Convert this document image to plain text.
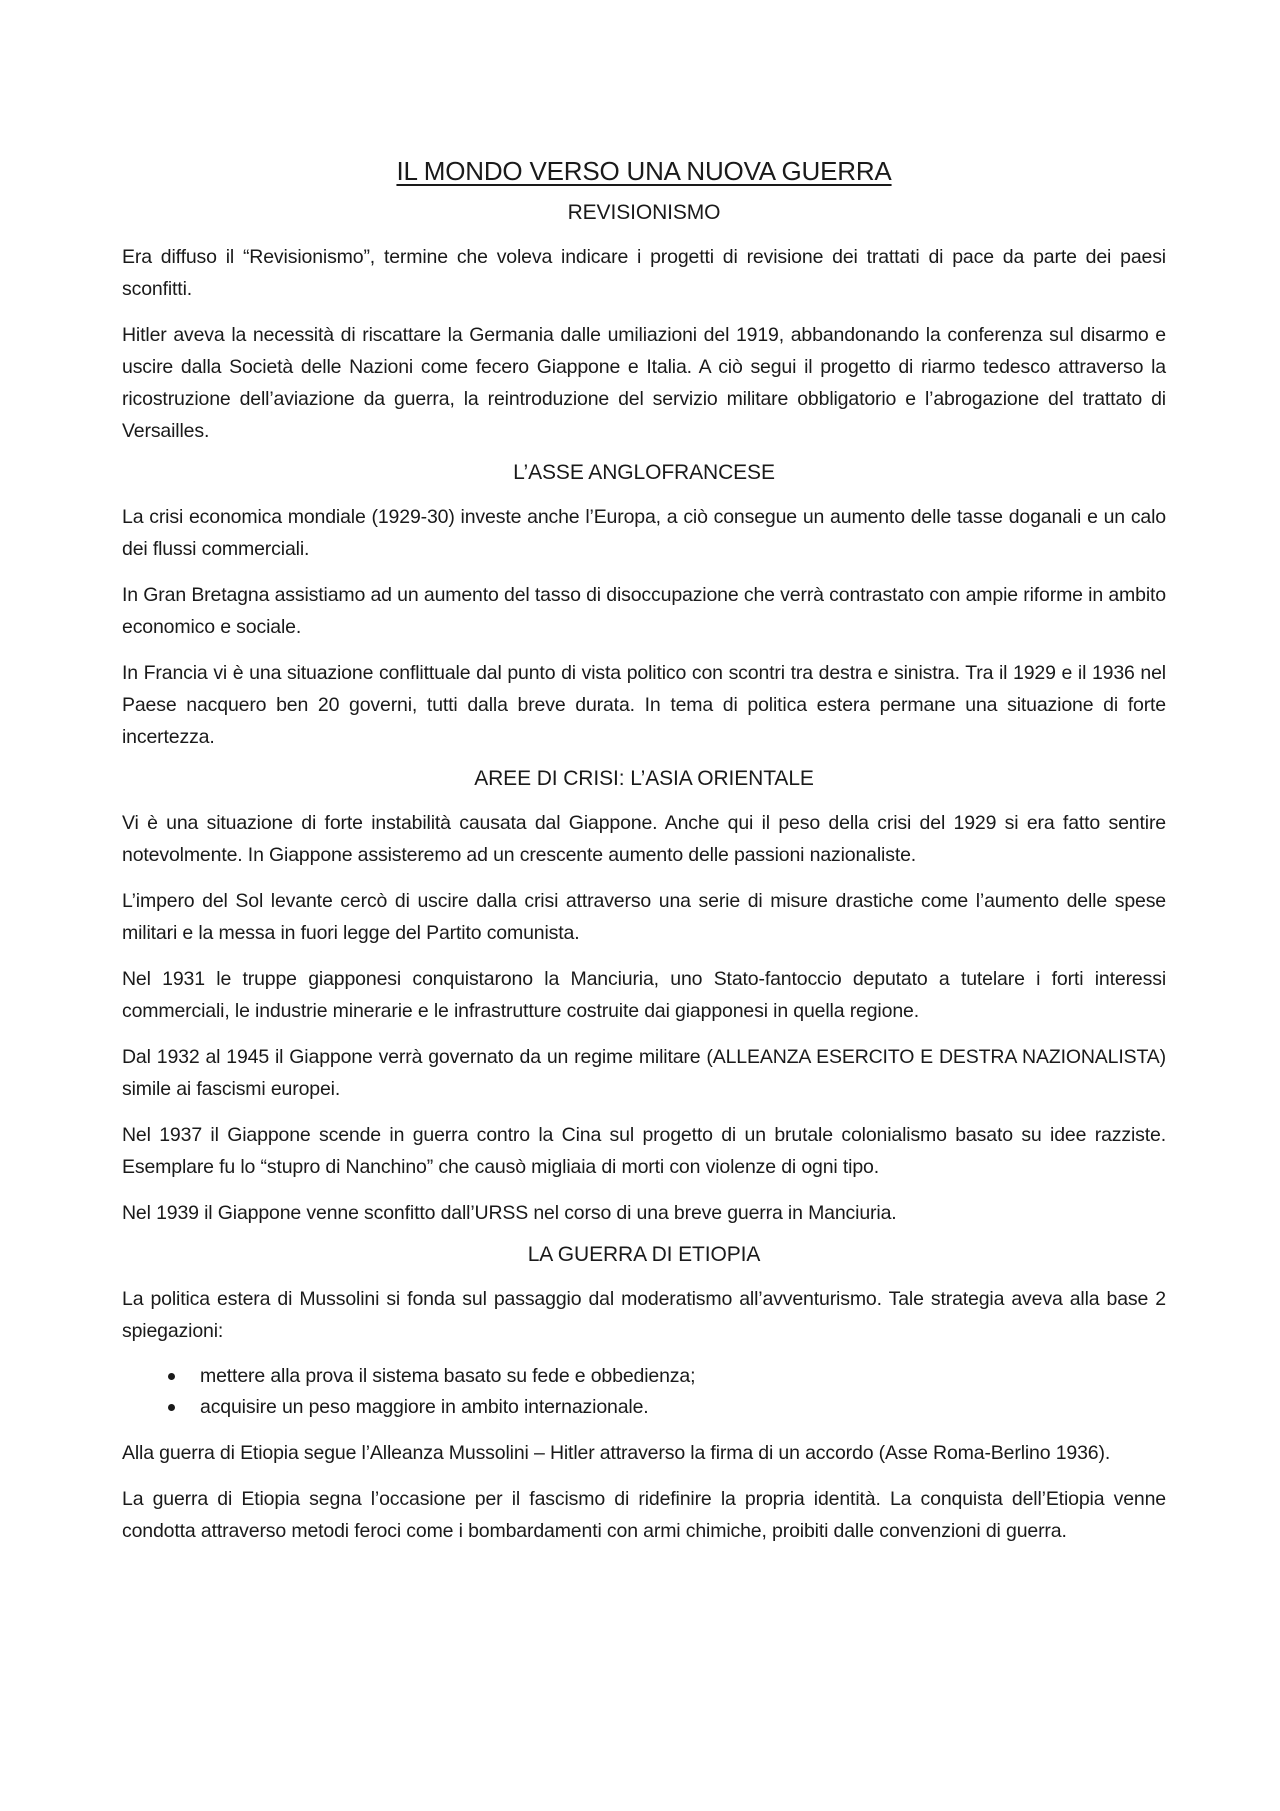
IL MONDO VERSO UNA NUOVA GUERRA
REVISIONISMO

Era diffuso il “Revisionismo”, termine che voleva indicare i progetti di revisione dei trattati di pace da parte dei paesi sconfitti.

Hitler aveva la necessità di riscattare la Germania dalle umiliazioni del 1919, abbandonando la conferenza sul disarmo e uscire dalla Società delle Nazioni come fecero Giappone e Italia. A ciò segui il progetto di riarmo tedesco attraverso la ricostruzione dell’aviazione da guerra, la reintroduzione del servizio militare obbligatorio e l’abrogazione del trattato di Versailles.

L’ASSE ANGLOFRANCESE

La crisi economica mondiale (1929-30) investe anche l’Europa, a ciò consegue un aumento delle tasse doganali e un calo dei flussi commerciali.

In Gran Bretagna assistiamo ad un aumento del tasso di disoccupazione che verrà contrastato con ampie riforme in ambito economico e sociale.

In Francia vi è una situazione conflittuale dal punto di vista politico con scontri tra destra e sinistra. Tra il 1929 e il 1936 nel Paese nacquero ben 20 governi, tutti dalla breve durata. In tema di politica estera permane una situazione di forte incertezza.

AREE DI CRISI: L’ASIA ORIENTALE

Vi è una situazione di forte instabilità causata dal Giappone. Anche qui il peso della crisi del 1929 si era fatto sentire notevolmente. In Giappone assisteremo ad un crescente aumento delle passioni nazionaliste.

L’impero del Sol levante cercò di uscire dalla crisi attraverso una serie di misure drastiche come l’aumento delle spese militari e la messa in fuori legge del Partito comunista.

Nel 1931 le truppe giapponesi conquistarono la Manciuria, uno Stato-fantoccio deputato a tutelare i forti interessi commerciali, le industrie minerarie e le infrastrutture costruite dai giapponesi in quella regione.

Dal 1932 al 1945 il Giappone verrà governato da un regime militare (ALLEANZA ESERCITO E DESTRA NAZIONALISTA) simile ai fascismi europei.

Nel 1937 il Giappone scende in guerra contro la Cina sul progetto di un brutale colonialismo basato su idee razziste. Esemplare fu lo “stupro di Nanchino” che causò migliaia di morti con violenze di ogni tipo.

Nel 1939 il Giappone venne sconfitto dall’URSS nel corso di una breve guerra in Manciuria.

LA GUERRA DI ETIOPIA

La politica estera di Mussolini si fonda sul passaggio dal moderatismo all’avventurismo. Tale strategia aveva alla base 2 spiegazioni:

mettere alla prova il sistema basato su fede e obbedienza;
acquisire un peso maggiore in ambito internazionale.

Alla guerra di Etiopia segue l’Alleanza Mussolini – Hitler attraverso la firma di un accordo (Asse Roma-Berlino 1936).

La guerra di Etiopia segna l’occasione per il fascismo di ridefinire la propria identità. La conquista dell’Etiopia venne condotta attraverso metodi feroci come i bombardamenti con armi chimiche, proibiti dalle convenzioni di guerra.
